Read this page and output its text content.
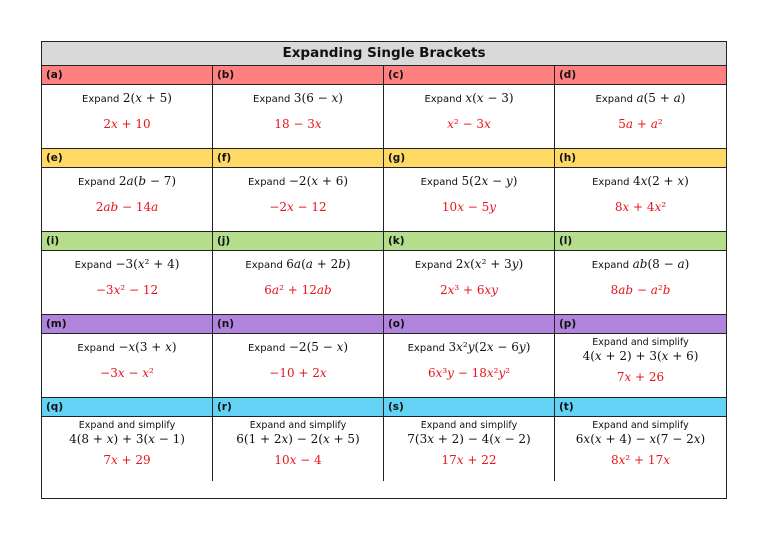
Expanding Single Brackets
(a)
Expand 2(𝑥 + 5)
2𝑥 + 10
(b)
Expand 3(6 − 𝑥)
18 − 3𝑥
(c)
Expand 𝑥(𝑥 − 3)
𝑥² − 3𝑥
(d)
Expand 𝑎(5 + 𝑎)
5𝑎 + 𝑎²
(e)
Expand 2𝑎(𝑏 − 7)
2𝑎𝑏 − 14𝑎
(f)
Expand −2(𝑥 + 6)
−2𝑥 − 12
(g)
Expand 5(2𝑥 − 𝑦)
10𝑥 − 5𝑦
(h)
Expand 4𝑥(2 + 𝑥)
8𝑥 + 4𝑥²
(i)
Expand −3(𝑥² + 4)
−3𝑥² − 12
(j)
Expand 6𝑎(𝑎 + 2𝑏)
6𝑎² + 12𝑎𝑏
(k)
Expand 2𝑥(𝑥² + 3𝑦)
2𝑥³ + 6𝑥𝑦
(l)
Expand 𝑎𝑏(8 − 𝑎)
8𝑎𝑏 − 𝑎²𝑏
(m)
Expand −𝑥(3 + 𝑥)
−3𝑥 − 𝑥²
(n)
Expand −2(5 − 𝑥)
−10 + 2𝑥
(o)
Expand 3𝑥²𝑦(2𝑥 − 6𝑦)
6𝑥³𝑦 − 18𝑥²𝑦²
(p)
Expand and simplify
4(𝑥 + 2) + 3(𝑥 + 6)
7𝑥 + 26
(q)
Expand and simplify
4(8 + 𝑥) + 3(𝑥 − 1)
7𝑥 + 29
(r)
Expand and simplify
6(1 + 2𝑥) − 2(𝑥 + 5)
10𝑥 − 4
(s)
Expand and simplify
7(3𝑥 + 2) − 4(𝑥 − 2)
17𝑥 + 22
(t)
Expand and simplify
6𝑥(𝑥 + 4) − 𝑥(7 − 2𝑥)
8𝑥² + 17𝑥
